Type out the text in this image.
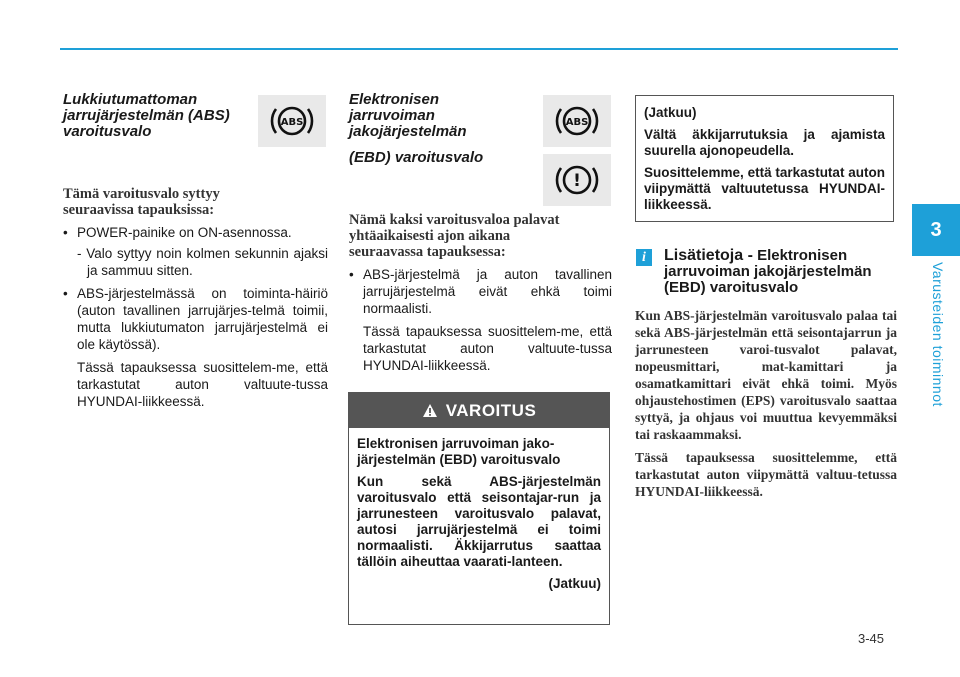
Lukkiutumattoman
jarrujärjestelmän (ABS)
varoitusvalo
Tämä varoitusvalo syttyy
seuraavissa tapauksissa:
• POWER-painike on ON-asennossa.
- Valo syttyy noin kolmen sekunnin ajaksi ja sammuu sitten.
• ABS-järjestelmässä on toiminta-häiriö (auton tavallinen jarrujärjes-telmä toimii, mutta lukkiutumaton jarrujärjestelmä ei ole käytössä).
Tässä tapauksessa suosittelem-me, että tarkastutat auton valtuute-tussa HYUNDAI-liikkeessä.
ABS
Elektronisen
jarruvoiman
jakojärjestelmän
(EBD) varoitusvalo
Nämä kaksi varoitusvaloa palavat
yhtäaikaisesti ajon aikana
seuraavassa tapauksessa:
• ABS-järjestelmä ja auton tavallinen jarrujärjestelmä eivät ehkä toimi normaalisti.
Tässä tapauksessa suosittelem-me, että tarkastutat auton valtuute-tussa HYUNDAI-liikkeessä.
ABS
!
VAROITUS

Elektronisen jarruvoiman jako-järjestelmän (EBD) varoitusvalo

Kun sekä ABS-järjestelmän varoitusvalo että seisontajar-run ja jarrunesteen varoitusvalo palavat, autosi jarrujärjestelmä ei toimi normaalisti. Äkkijarrutus saattaa tällöin aiheuttaa vaarati-lanteen.

(Jatkuu)

(Jatkuu)

Vältä äkkijarrutuksia ja ajamista suurella ajonopeudella.

Suosittelemme, että tarkastutat auton viipymättä valtuutetussa HYUNDAI-liikkeessä.

i	Lisätietoja - Elektronisen jarruvoiman jakojärjestelmän (EBD) varoitusvalo

Kun ABS-järjestelmän varoitusvalo palaa tai sekä ABS-järjestelmän että seisontajarrun ja jarrunesteen varoi-tusvalot palavat, nopeusmittari, mat-kamittari ja osamatkamittari eivät ehkä toimi. Myös ohjaustehostimen (EPS) varoitusvalo saattaa syttyä, ja ohjaus voi muuttua kevyemmäksi tai raskaammaksi.

Tässä tapauksessa suosittelemme, että tarkastutat auton viipymättä valtuu-tetussa HYUNDAI-liikkeessä.

3
Varusteiden toiminnot
3-45
